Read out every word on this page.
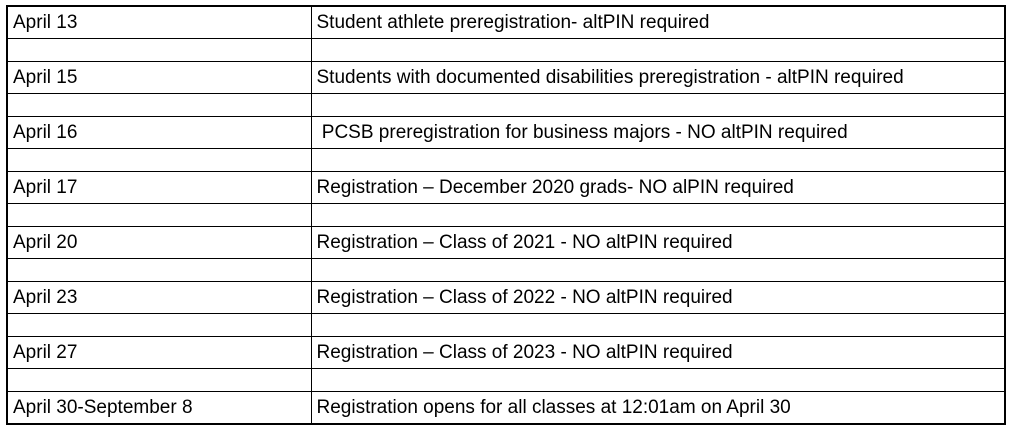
April 13	Student athlete preregistration- altPIN required

April 15	Students with documented disabilities preregistration - altPIN required

April 16	PCSB preregistration for business majors - NO altPIN required

April 17	Registration – December 2020 grads- NO alPIN required

April 20	Registration – Class of 2021 - NO altPIN required

April 23	Registration – Class of 2022 - NO altPIN required

April 27	Registration – Class of 2023 - NO altPIN required

April 30-September 8	Registration opens for all classes at 12:01am on April 30
